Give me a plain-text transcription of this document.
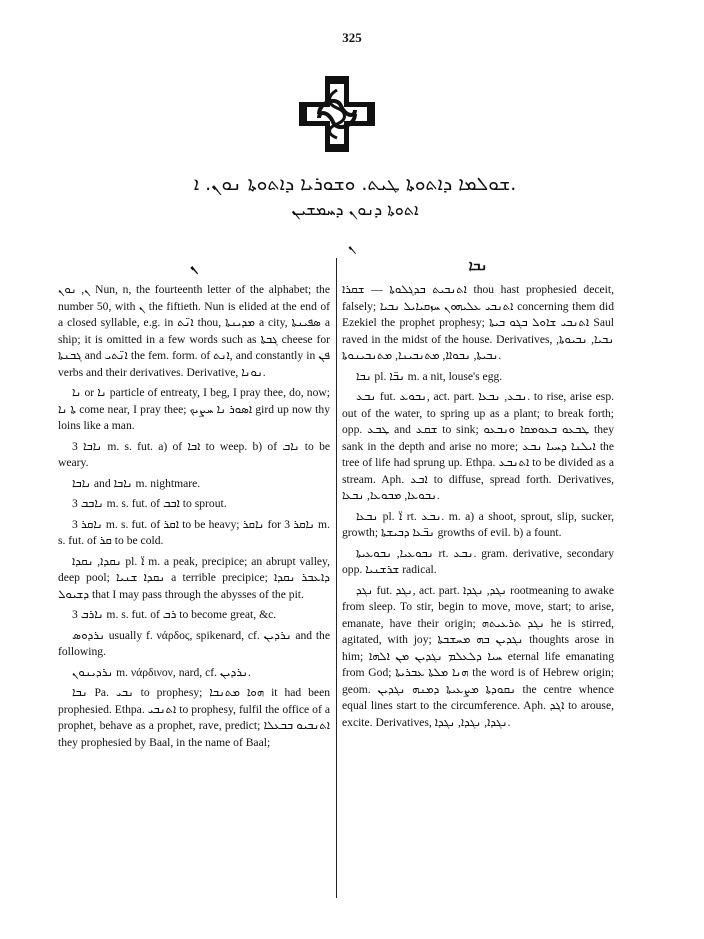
325
ܫܘܠܡܐ ܕܐܬܘܬܐ ܛܝܬ. ܘܫܘܪܝܐ ܕܐܬܘܬܐ ܢܘܢ. ܐ.
ܐܬܘܬܐ ܕܢܘܢ ܕܚܡܫܝܢ
ܢ
ܢ	ܢܒܐ

ܢ, ܢܘܢ Nun, n, the fourteenth letter of the alphabet; the number 50, with ܢ the fiftieth. Nun is elided at the end of a closed syllable, e.g. in ܐܢ̈ܬ thou, ܡܕܝܢܬܐ a city, ܣܦܝܢܬܐ a ship; it is omitted in a few words such as ܓܒܬܐ cheese for ܓܒܢܬܐ and ܐܢ̈ܬܝ the fem. form. of ܐܢܬ, and constantly in ܦܢ verbs and their derivatives. Derivative, ܢܘܢܐ.

ܢܐ or ܢܐ particle of entreaty, I beg, I pray thee, do, now; ܬܐ ܢܐ come near, I pray thee; ܐܣܘܪ ܢܐ ܚܨܝܟ gird up now thy loins like a man.

ܢܐܒܐ 3 m. s. fut. a) of ܐܒܐ to weep. b) of ܢܐܒ to be weary.

ܢܐܒܐ and ܢܐܒܐ m. nightmare.

ܢܐܒܒ 3 m. s. fut. of ܐܒܒ to sprout.

ܢܐܩܪ 3 m. s. fut. of ܐܩܪ to be heavy; ܢܐܩܪ for ܢܐܩܪ 3 m. s. fut. of ܩܪ to be cold.

ܢܩܕܐ, ܢܩܕܐ pl. ܐ̈ m. a peak, precipice; an abrupt valley, deep pool; ܢܩܕܐ ܫܢܝܐ a terrible precipice; ܕܐܥܒܪ ܢܩܕܐ ܕܫܝܘܠ that I may pass through the abysses of the pit.

ܢܐܪܒ 3 m. s. fut. of ܪܒ to become great, &c.

ܢܪܕܘܣ usually f. νάρδος, spikenard, cf. ܢܪܕܝܢ and the following.

ܢܪܕܝܢܘܢ m. νάρδινον, nard, cf. ܢܪܕܝܢ.

ܢܒܐ Pa. ܢܒܝ to prophesy; ܗܘܐ ܡܬܢܒܐ it had been prophesied. Ethpa. ܐܬܢܒܝ to prophesy, fulfil the office of a prophet, behave as a prophet, rave, predict; ܐܬܢܒܝܘ ܒܒܥܠܐ they prophesied by Baal, in the name of Baal;

ܐܬܢܒܝܬ ܒܕܓܠܘܬܐ — ܫܩܪܐ thou hast prophesied deceit, falsely; ܐܬܢܒܝ ܥܠܝܗܘܢ ܚܙܩܝܐܝܠ ܢܒܝܐ concerning them did Ezekiel the prophet prophesy; ܐܬܢܒܝ ܫܐܘܠ ܒܓܘ ܒܝܬܐ Saul raved in the midst of the house. Derivatives, ܢܒܝܐ, ܢܒܝܘܬܐ, ܢܒܝܬܐ, ܢܒܘܐܐ, ܡܬܢܒܝܢܐ, ܡܬܢܒܝܢܘܬܐ.

ܢܒܐ pl. ܢܒ̈ܐ m. a nit, louse's egg.

ܢܒܥ fut. ܢܒܘܥ, act. part. ܢܒܥ, ܢܒܥܐ. to rise, arise esp. out of the water, to spring up as a plant; to break forth; opp. ܛܒܥ and ܫܩܥ to sink; ܛܒܥܘ ܒܥܘܡܩܐ ܘܢܒܥܘ they sank in the depth and arise no more; ܐܝܠܢܐ ܕܚܝܐ ܢܒܥ the tree of life had sprung up. Ethpa. ܐܬܢܒܥ to be divided as a stream. Aph. ܐܒܥ to diffuse, spread forth. Derivatives, ܢܒܘܥܐ, ܡܒܘܥܐ, ܢܒܥܐ.

ܢܒܥܐ pl. ܐ̈ rt. ܢܒܥ. m. a) a shoot, sprout, slip, sucker, growth; ܢܒ̈ܥܐ ܕܒܝܫܬܐ growths of evil. b) a fount.

ܢܒܘܥܝܐ, ܢܒܘܥܝܬܐ rt. ܢܒܥ. gram. derivative, secondary opp. ܫܪܫܢܝܐ radical.

ܢܓܕ fut. ܢܓܕ, act. part. ܢܓܕ, ܢܓܕܐ rootmeaning to awake from sleep. To stir, begin to move, move, start; to arise, emanate, have their origin; ܢܓܕ ܬܪܥܝܬܗ he is stirred, agitated, with joy; ܢܓܕܝܢ ܒܗ ܡܚܫܒܬܐ thoughts arose in him; ܚܝܐ ܕܠܥܠܡ ܢܓܕܝܢ ܡܢ ܐܠܗܐ eternal life emanating from God; ܗܢܐ ܡܠܬܐ ܥܒܪܝܬܐ the word is of Hebrew origin; geom. ܢܩܘܕܬܐ ܡܨܥܝܬܐ ܕܡܢܗ ܢܓܕܝܢ the centre whence equal lines start to the circumference. Aph. ܐܓܕ to arouse, excite. Derivatives, ܢܓܕܐ, ܢܓܕܐ, ܢܓܕܐ.
